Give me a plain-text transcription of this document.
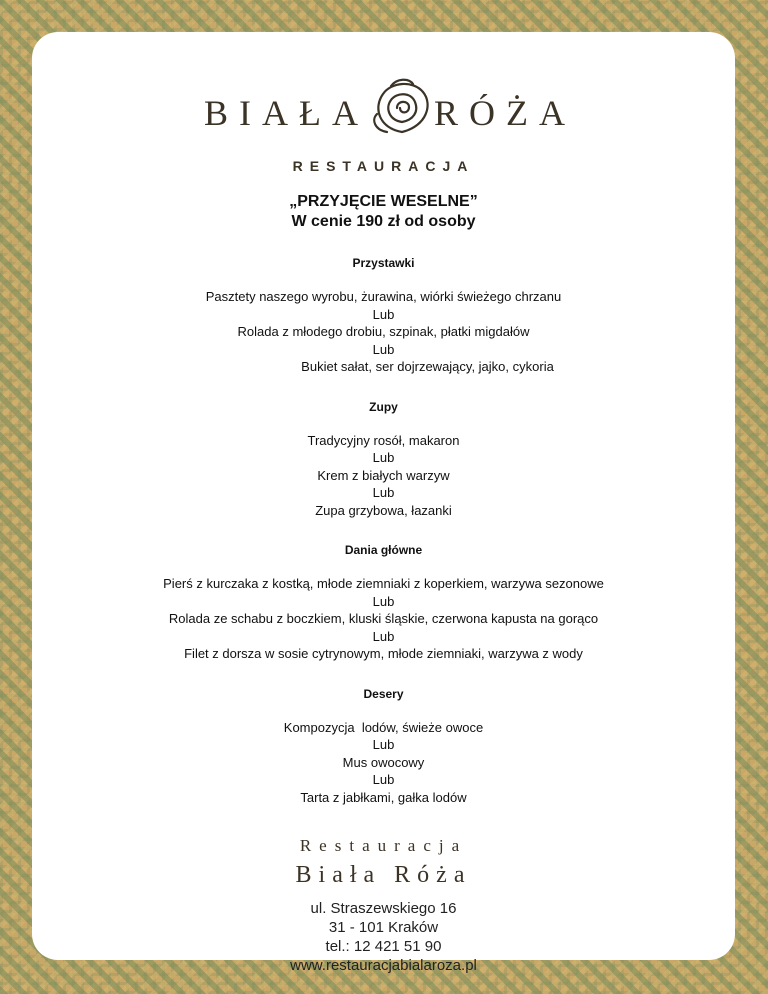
BIAŁA RÓŻA
RESTAURACJA
„PRZYJĘCIE WESELNE”
W cenie 190 zł od osoby
Przystawki
Pasztety naszego wyrobu, żurawina, wiórki świeżego chrzanu
Lub
Rolada z młodego drobiu, szpinak, płatki migdałów
Lub
Bukiet sałat, ser dojrzewający, jajko, cykoria
Zupy
Tradycyjny rosół, makaron
Lub
Krem z białych warzyw
Lub
Zupa grzybowa, łazanki
Dania główne
Pierś z kurczaka z kostką, młode ziemniaki z koperkiem, warzywa sezonowe
Lub
Rolada ze schabu z boczkiem, kluski śląskie, czerwona kapusta na gorąco
Lub
Filet z dorsza w sosie cytrynowym, młode ziemniaki, warzywa z wody
Desery
Kompozycja  lodów, świeże owoce
Lub
Mus owocowy
Lub
Tarta z jabłkami, gałka lodów
Restauracja
Biała Róża
ul. Straszewskiego 16
31 - 101 Kraków
tel.: 12 421 51 90
www.restauracjabialaroza.pl
